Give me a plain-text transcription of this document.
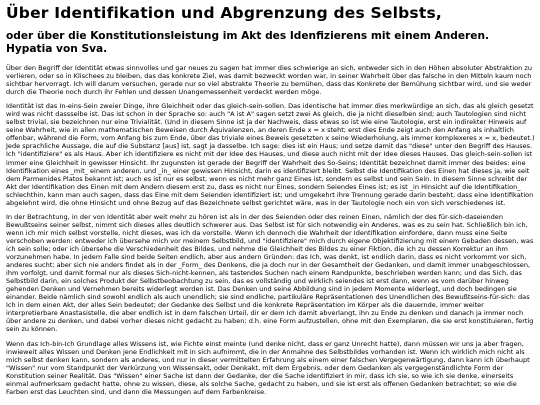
Über Identifikation und Abgrenzung des Selbsts,
oder über die Konstitutionsleistung im Akt des Idenfizierens mit einem Anderen. Hypatia von Sva.

Über den Begriff der Identität etwas sinnvolles und gar neues zu sagen hat immer dies schwierige an sich, entweder sich in den Höhen absoluter Abstraktion zu verlieren, oder so in Klischees zu bleiben, das das konkrete Ziel, was damit bezweckt worden war, in seiner Wahrheit über das falsche in den Mitteln kaum noch sichtbar hervorragt. Ich will darum versuchen, gerade nur so viel abstrakte Theorie zu bemühen, dass das Konkrete der Bemühung sichtbar wird, und sie weder durch die Theorie noch durch ihr Fehlen und dessen Unangemessenheit verdeckt werden möge.

Identität ist das In-eins-Sein zweier Dinge, ihre Gleichheit oder das gleich-sein-sollen. Das identische hat immer dies merkwürdige an sich, das als gleich gesetzt wird was nicht dassselbe ist. Das ist schon in der Sprache so: auch "A ist A" sagen setzt zwei As gleich, die ja nicht dieselben sind; auch Tautologien sind nicht selbst trivial, sie bezeichnen nur eine Trivialität. (Und in diesem Sinne ist ja der Nachweis, dass etwas so ist wie eine Tautologie, erst ein indirekter Hinweis auf seine Wahrheit, wie in allen mathematischen Beweisen durch Äquivalenzen, an deren Ende x = x steht; erst dies Ende zeigt auch den Anfang als inhaltlich offenbar, während die Form, vom Anfang bis zum Ende, über das triviale eines Beweis gesetzten x seine Wiederholung, als immer komplexeres x = x, bedeutet.) Jede sprachliche Aussage, die auf die Substanz [aus] ist, sagt ja dasselbe. Ich sage: dies ist ein Haus; und setze damit das "diese" unter den Begriff des Hauses. Ich "identifiziere" es als Haus. Aber ich identifiziere es nicht mit der Idee des Hauses, und diese auch nicht mit der Idee dieses Hauses. Das gleich-sein-sollen ist immer eine Gleichheit in gewisser Hinsicht. Ihr zugunsten ist gerade der Begriff der Wahrheit des So-Seins; Identität bezeichnet damit immer des beides: eine Identifikation eines _mit_ einem anderen, und _in_ einer gewissen Hinsicht, darin es identifiziert bleibt. Selbst die Identifikation des Einen hat dieses ja, wie seit dem Parmenides Platos bekannt ist; auch es ist nur es selbst, wenn es nicht mehr ganz Eines ist, sondern es selbst und sein Sein. In diesem Sinne schreibt der Akt der Identifikation des Einen mit dem Andern diesem erst zu, dass es nicht nur Eines, sondern Seiendes Eines ist; es ist _in Hinsicht auf die Identifikation_ schlechthin, kann man auch sagen, dass das Eine mit dem Seienden identifiziert ist; und umgekehrt ihre Trennung gerade darin besteht, dass eine Identifikation abgelehnt wird, die ohne Hinsicht und ohne Bezug auf das Bezeichnete selbst gerichtet wäre, was in der Tautologie noch ein von sich verschiedenes ist.

In der Betrachtung, in der von Identität aber weit mehr zu hören ist als in der des Seienden oder des reinen Einen, nämlich der des für-sich-daseienden Bewußtseins seiner selbst, nimmt sich dieses alles deutlich schwerer aus. Das Selbst ist für sich notwendig ein Anderes, was es zu sein hat. Schließlich bin ich, wenn ich mir mich selbst vorstelle, nicht dieses, was ich da vorstelle. Wenn ich dennoch die Wahrheit der Identifikation einfordere, dann muss eine Seite verschoben werden: entweder ich übersehe mich vor meinem Selbstbild, und "identifiziere" mich durch eigene Objektifizierung mit einem Gebaden dessen, was ich sein solle; oder ich übersehe die Verschiedenheit des Bildes, und nehme die Gleichheit des Bildes zu einer Fiktion, die ich zu dessen Korrektur an ihm vorzunehmen habe. In jedem Falle sind beide Seiten endlich, aber aus andern Gründen: das Ich, was denkt, ist endlich darin, dass es nicht vorkommt vor sich, anderes sucht; aber sich nie anders findet als in der _Form_ des Denkens, die ja doch nur in der Gesamtheit der Gedanken, und damit immer unabgeschlossen, ihm vorfolgt, und damit formal nur als dieses Sich-nicht-kennen, als tastendes Suchen nach einem Randpunkte, beschrieben werden kann; und das Sich, das Selbstbild darin, ein solches Produkt der Selbstbeobachtung zu sein, das es vollständig und wirklich seiendes ist erst dann, wenn es vom darüber hinweg gehenden Denken und Vernehmen bereits widerlegt worden ist. Das Denken und seine Abbildung sind in jedem Momente widerlegt, und doch bedingen sie einander. Beide nämlich sind sowohl endlich als auch unendlich; sie sind endliche, partikuläre Repräsentationen des Unendlichen des Bewußtseins-für-sich: das Ich in dem einen Akt, der alles Sein bedeutet; der Gedanke des Selbst und die konkrete Repräsentation im Körper als die dauernde, immer weiter interpretierbare Anastasistelle, die aber endlich ist in dem falschen Urteil, dir er dem Ich damit abverlangt, ihn zu Ende zu denken und danach ja immer noch über andere zu denken, und dabei vorher dieses nicht gedacht zu haben; d.h. eine Form aufzustellen, ohne mit den Exemplaren, die sie erst konstituieren, fertig sein zu können.

Wenn das Ich-bin-Ich Grundlage alles Wissens ist, wie Fichte einst meinte (und denke nicht, dass er ganz Unrecht hatte), dann müssen wir uns ja aber fragen, inwieweit alles Wissen und Denken jene Endlichkeit mit in sich aufnimmt, die in der Anmahne des Selbstbildes vorhanden ist. Wenn ich wirklich mich nicht als mich selbst denken kann, sondern als anderes, und nur in dieser vermittelten Erfahrung als einem einer falschen Vergegenwärtigung, dann kann ich überhaupt "Wissen" nur vom Standpunkt der Verkürzung von Wissensakt, oder Denkakt, mit dem Ergebnis, oder dem Gedanken als vergegenständlichte Form der Konstitution seiner Realität. Das "Wissen" einer Sache ist dann der Gedanke, der die Sache identifiziert in mir, dass ich sie, so wie ich sie denke, einerseits einmal aufmerksam gedacht hatte, ohne zu wissen, diese, als solche Sache, gedacht zu haben, und sie ist erst als offenen Gedanken betrachtet; so wie die Farben erst das Leuchten sind, und dann die Messungen auf dem Farbenkreise.
